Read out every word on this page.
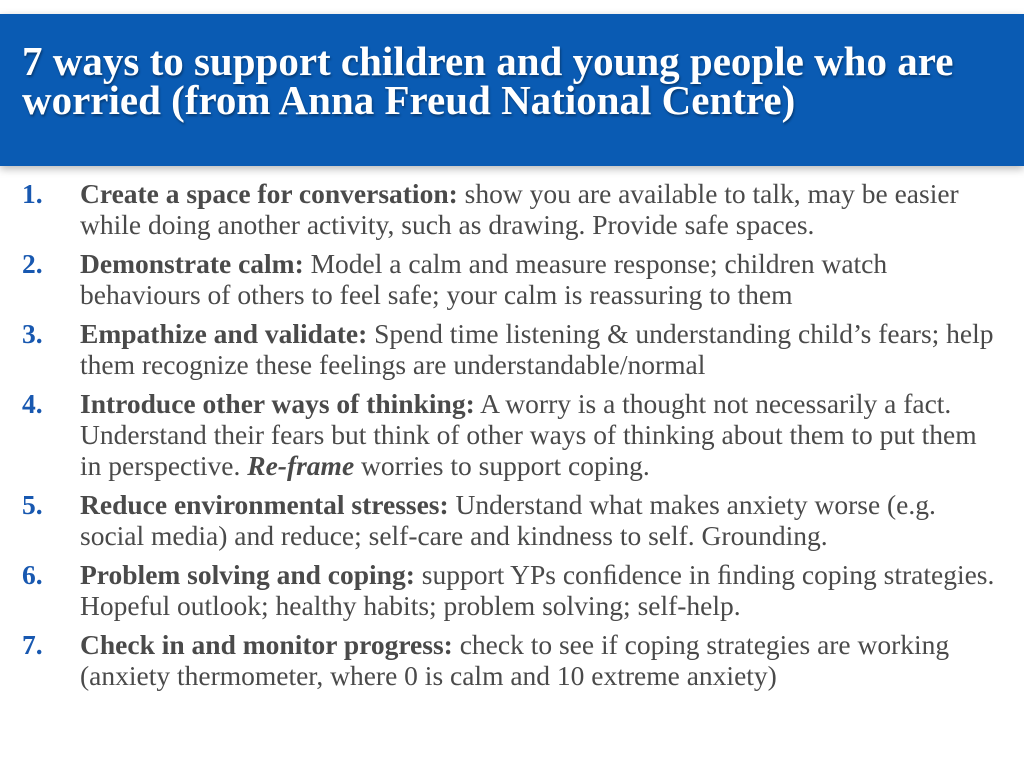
7 ways to support children and young people who are worried (from Anna Freud National Centre)
1. Create a space for conversation: show you are available to talk, may be easier while doing another activity, such as drawing. Provide safe spaces.
2. Demonstrate calm: Model a calm and measure response; children watch behaviours of others to feel safe; your calm is reassuring to them
3. Empathize and validate: Spend time listening & understanding child’s fears; help them recognize these feelings are understandable/normal
4. Introduce other ways of thinking: A worry is a thought not necessarily a fact. Understand their fears but think of other ways of thinking about them to put them in perspective. Re-frame worries to support coping.
5. Reduce environmental stresses: Understand what makes anxiety worse (e.g. social media) and reduce; self-care and kindness to self. Grounding.
6. Problem solving and coping: support YPs conﬁdence in ﬁnding coping strategies. Hopeful outlook; healthy habits; problem solving; self-help.
7. Check in and monitor progress: check to see if coping strategies are working (anxiety thermometer, where 0 is calm and 10 extreme anxiety)
